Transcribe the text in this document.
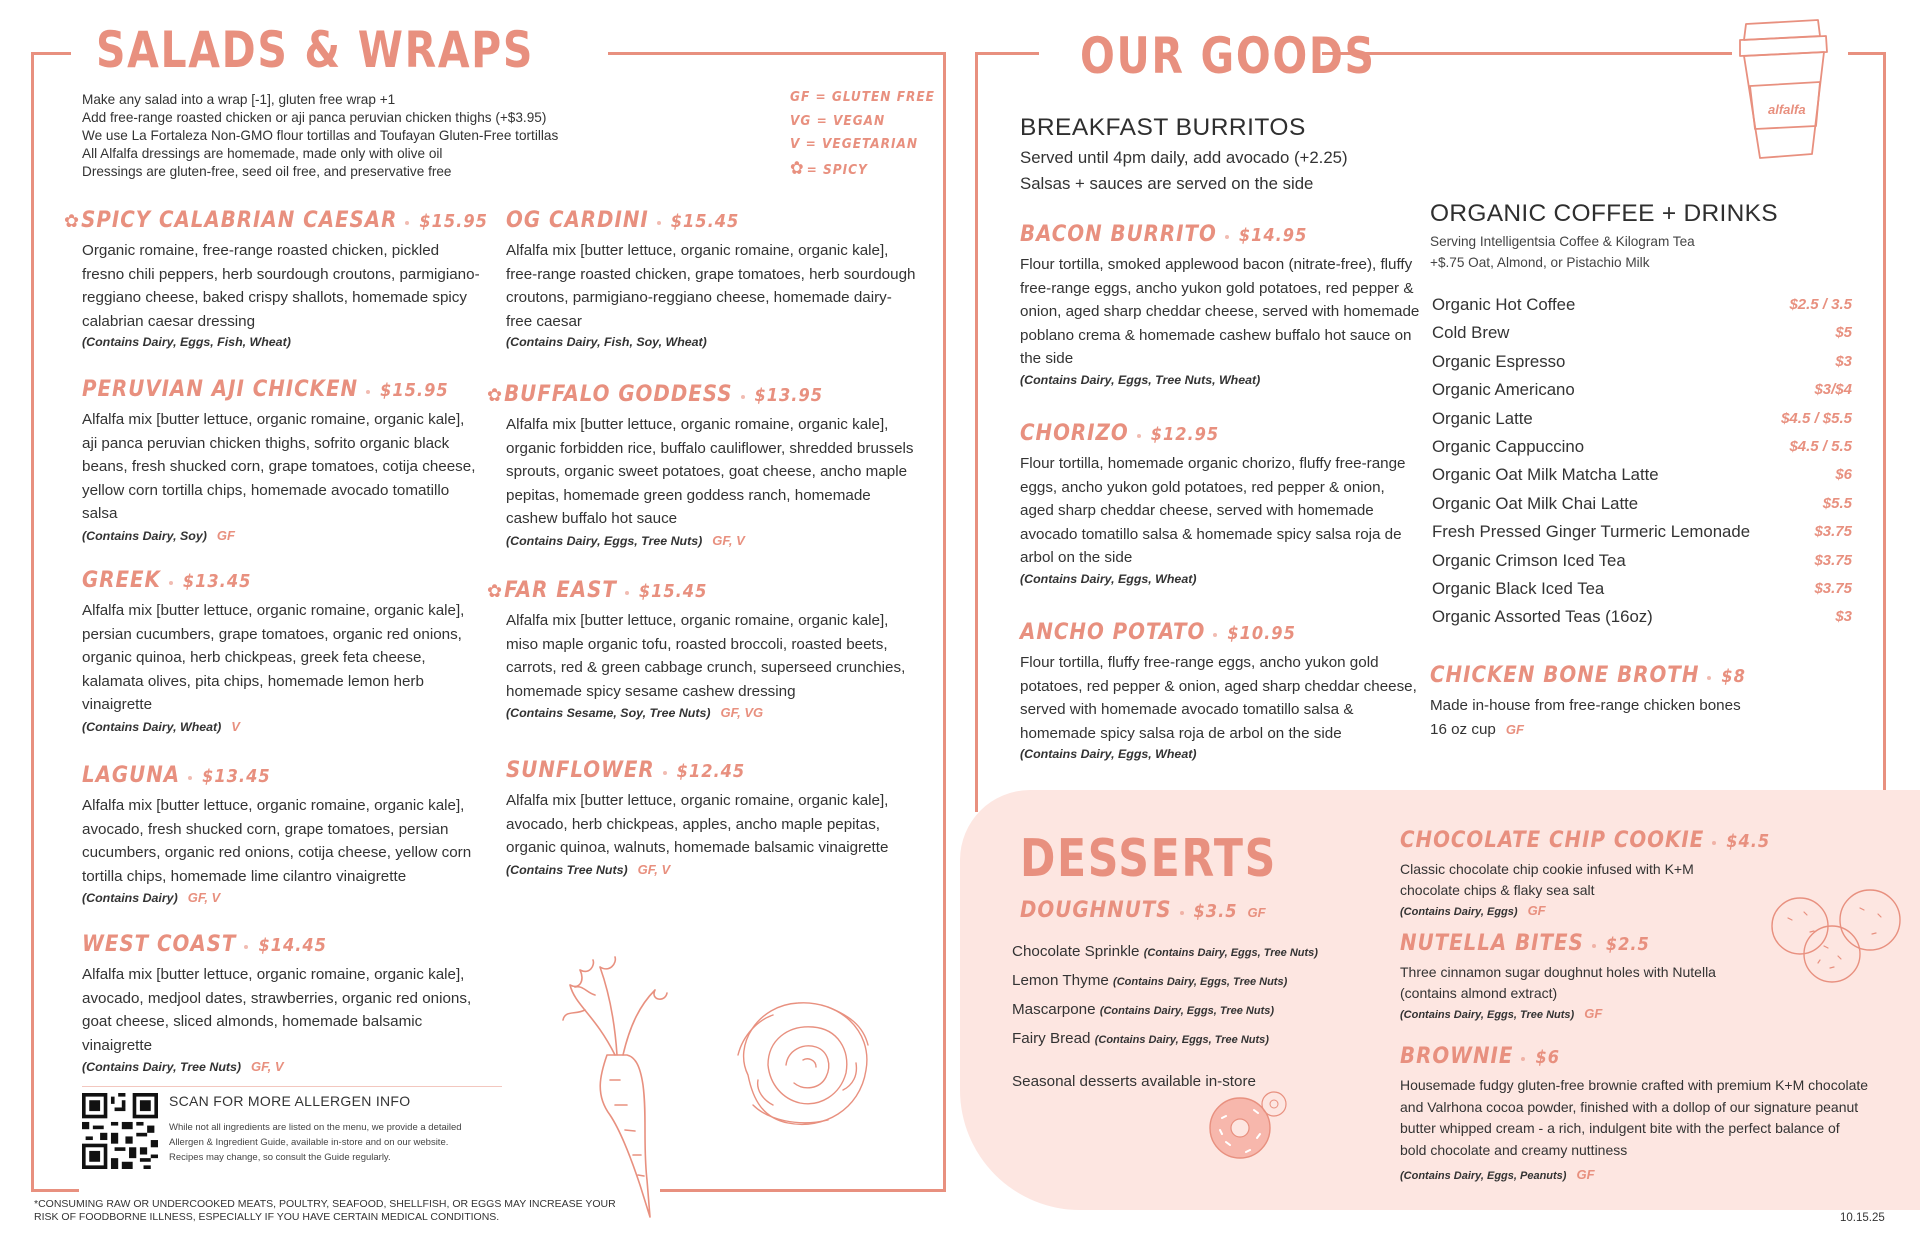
SALADS & WRAPS
Make any salad into a wrap [-1], gluten free wrap +1
Add free-range roasted chicken or aji panca peruvian chicken thighs (+$3.95)
We use La Fortaleza Non-GMO flour tortillas and Toufayan Gluten-Free tortillas
All Alfalfa dressings are homemade, made only with olive oil
Dressings are gluten-free, seed oil free, and preservative free
GF = GLUTEN FREE
VG = VEGAN
V = VEGETARIAN
✿ = SPICY
✿SPICY CALABRIAN CAESAR $15.95
Organic romaine, free-range roasted chicken, pickled fresno chili peppers, herb sourdough croutons, parmigiano-reggiano cheese, baked crispy shallots, homemade spicy calabrian caesar dressing
(Contains Dairy, Eggs, Fish, Wheat)
PERUVIAN AJI CHICKEN $15.95
Alfalfa mix [butter lettuce, organic romaine, organic kale], aji panca peruvian chicken thighs, sofrito organic black beans, fresh shucked corn, grape tomatoes, cotija cheese, yellow corn tortilla chips, homemade avocado tomatillo salsa
(Contains Dairy, Soy) GF
GREEK $13.45
Alfalfa mix [butter lettuce, organic romaine, organic kale], persian cucumbers, grape tomatoes, organic red onions, organic quinoa, herb chickpeas, greek feta cheese, kalamata olives, pita chips, homemade lemon herb vinaigrette
(Contains Dairy, Wheat) V
LAGUNA $13.45
Alfalfa mix [butter lettuce, organic romaine, organic kale], avocado, fresh shucked corn, grape tomatoes, persian cucumbers, organic red onions, cotija cheese, yellow corn tortilla chips, homemade lime cilantro vinaigrette
(Contains Dairy) GF, V
WEST COAST $14.45
Alfalfa mix [butter lettuce, organic romaine, organic kale], avocado, medjool dates, strawberries, organic red onions, goat cheese, sliced almonds, homemade balsamic vinaigrette
(Contains Dairy, Tree Nuts) GF, V
OG CARDINI $15.45
Alfalfa mix [butter lettuce, organic romaine, organic kale], free-range roasted chicken, grape tomatoes, herb sourdough croutons, parmigiano-reggiano cheese, homemade dairy-free caesar
(Contains Dairy, Fish, Soy, Wheat)
✿BUFFALO GODDESS $13.95
Alfalfa mix [butter lettuce, organic romaine, organic kale], organic forbidden rice, buffalo cauliflower, shredded brussels sprouts, organic sweet potatoes, goat cheese, ancho maple pepitas, homemade green goddess ranch, homemade cashew buffalo hot sauce
(Contains Dairy, Eggs, Tree Nuts) GF, V
✿FAR EAST $15.45
Alfalfa mix [butter lettuce, organic romaine, organic kale], miso maple organic tofu, roasted broccoli, roasted beets, carrots, red & green cabbage crunch, superseed crunchies, homemade spicy sesame cashew dressing
(Contains Sesame, Soy, Tree Nuts) GF, VG
SUNFLOWER $12.45
Alfalfa mix [butter lettuce, organic romaine, organic kale], avocado, herb chickpeas, apples, ancho maple pepitas, organic quinoa, walnuts, homemade balsamic vinaigrette
(Contains Tree Nuts) GF, V
SCAN FOR MORE ALLERGEN INFO
While not all ingredients are listed on the menu, we provide a detailed Allergen & Ingredient Guide, available in-store and on our website. Recipes may change, so consult the Guide regularly.
*CONSUMING RAW OR UNDERCOOKED MEATS, POULTRY, SEAFOOD, SHELLFISH, OR EGGS MAY INCREASE YOUR RISK OF FOODBORNE ILLNESS, ESPECIALLY IF YOU HAVE CERTAIN MEDICAL CONDITIONS.
OUR GOODS
alfalfa
BREAKFAST BURRITOS
Served until 4pm daily, add avocado (+2.25)
Salsas + sauces are served on the side
BACON BURRITO $14.95
Flour tortilla, smoked applewood bacon (nitrate-free), fluffy free-range eggs, ancho yukon gold potatoes, red pepper & onion, aged sharp cheddar cheese, served with homemade poblano crema & homemade cashew buffalo hot sauce on the side
(Contains Dairy, Eggs, Tree Nuts, Wheat)
CHORIZO $12.95
Flour tortilla, homemade organic chorizo, fluffy free-range eggs, ancho yukon gold potatoes, red pepper & onion, aged sharp cheddar cheese, served with homemade avocado tomatillo salsa & homemade spicy salsa roja de arbol on the side
(Contains Dairy, Eggs, Wheat)
ANCHO POTATO $10.95
Flour tortilla, fluffy free-range eggs, ancho yukon gold potatoes, red pepper & onion, aged sharp cheddar cheese, served with homemade avocado tomatillo salsa & homemade spicy salsa roja de arbol on the side
(Contains Dairy, Eggs, Wheat)
ORGANIC COFFEE + DRINKS
Serving Intelligentsia Coffee & Kilogram Tea
+$.75 Oat, Almond, or Pistachio Milk
Organic Hot Coffee	$2.5 / 3.5
Cold Brew	$5
Organic Espresso	$3
Organic Americano	$3/$4
Organic Latte	$4.5 / $5.5
Organic Cappuccino	$4.5 / 5.5
Organic Oat Milk Matcha Latte	$6
Organic Oat Milk Chai Latte	$5.5
Fresh Pressed Ginger Turmeric Lemonade	$3.75
Organic Crimson Iced Tea	$3.75
Organic Black Iced Tea	$3.75
Organic Assorted Teas (16oz)	$3
CHICKEN BONE BROTH $8
Made in-house from free-range chicken bones
16 oz cup GF
DESSERTS
DOUGHNUTS $3.5 GF
Chocolate Sprinkle (Contains Dairy, Eggs, Tree Nuts)
Lemon Thyme (Contains Dairy, Eggs, Tree Nuts)
Mascarpone (Contains Dairy, Eggs, Tree Nuts)
Fairy Bread (Contains Dairy, Eggs, Tree Nuts)
Seasonal desserts available in-store
CHOCOLATE CHIP COOKIE $4.5
Classic chocolate chip cookie infused with K+M chocolate chips & flaky sea salt
(Contains Dairy, Eggs) GF
NUTELLA BITES $2.5
Three cinnamon sugar doughnut holes with Nutella (contains almond extract)
(Contains Dairy, Eggs, Tree Nuts) GF
BROWNIE $6
Housemade fudgy gluten-free brownie crafted with premium K+M chocolate and Valrhona cocoa powder, finished with a dollop of our signature peanut butter whipped cream - a rich, indulgent bite with the perfect balance of bold chocolate and creamy nuttiness
(Contains Dairy, Eggs, Peanuts) GF
10.15.25
